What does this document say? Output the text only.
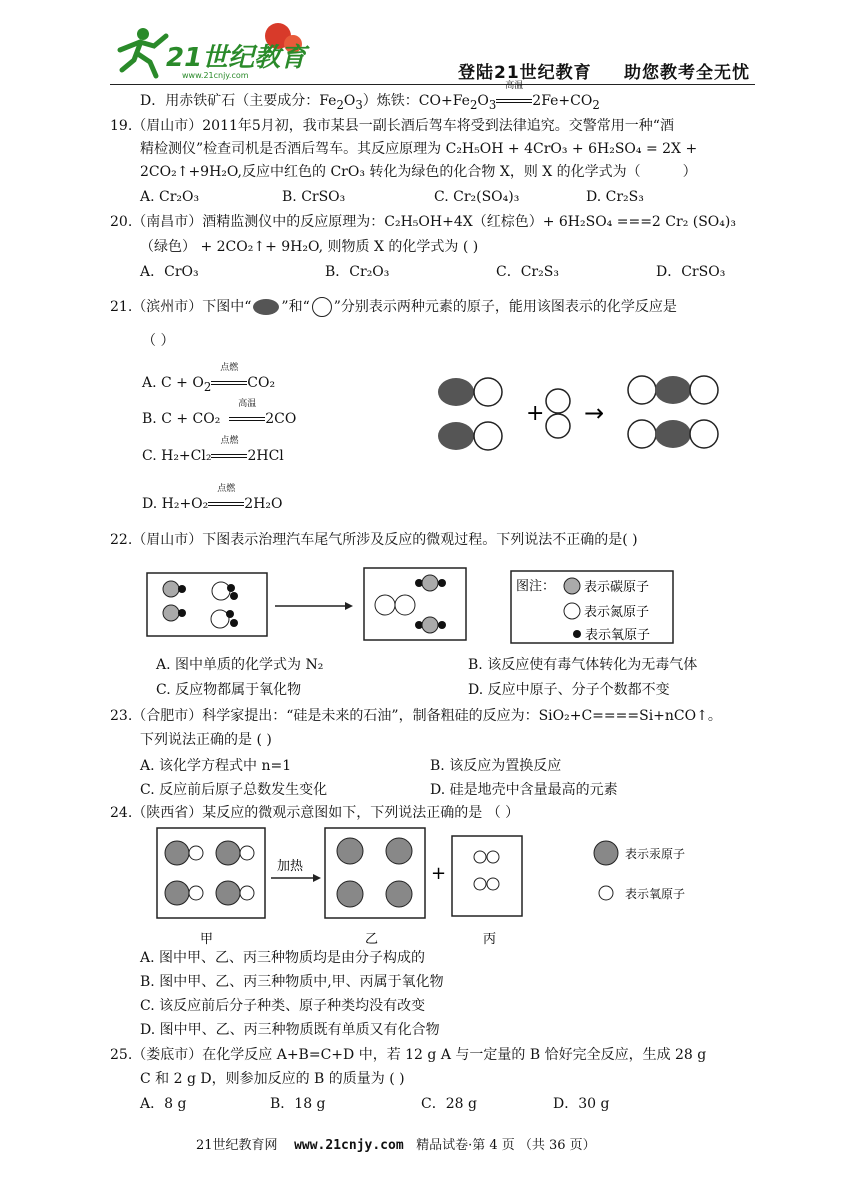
21世纪教育
www.21cnjy.com	登陆21世纪教育 助您教考全无忧
D．用赤铁矿石（主要成分：$Fe_2O_3$）炼铁：$CO+Fe_2O_3$
高温
$2Fe+CO_2$
19.（眉山市）2011年5月初，我市某县一副长酒后驾车将受到法律追究。交警常用一种“酒
精检测仪”检查司机是否酒后驾车。其反应原理为 C₂H₅OH + 4CrO₃ + 6H₂SO₄ = 2X +
2CO₂↑+9H₂O,反应中红色的 CrO₃ 转化为绿色的化合物 X，则 X 的化学式为（　　　）
A. Cr₂O₃	B. CrSO₃	C. Cr₂(SO₄)₃	D. Cr₂S₃
20.（南昌市）酒精监测仪中的反应原理为：C₂H₅OH+4X（红棕色）+ 6H₂SO₄ ===2 Cr₂ (SO₄)₃
（绿色） + 2CO₂↑+ 9H₂O, 则物质 X 的化学式为 ( )
A．CrO₃	B．Cr₂O₃	C．Cr₂S₃	D．CrSO₃
21.（滨州市）下图中“ ”和“ ”分别表示两种元素的原子，能用该图表示的化学反应是
（ ）
A. $C + O_2$
点燃
CO₂
B. C + CO₂
高温
2CO
C. H₂+Cl₂
点燃
2HCl
D. H₂+O₂
点燃
2H₂O
+ →
22.（眉山市）下图表示治理汽车尾气所涉及反应的微观过程。下列说法不正确的是( )
图注： 表示碳原子
表示氮原子
表示氧原子
A. 图中单质的化学式为 N₂	B. 该反应使有毒气体转化为无毒气体
C. 反应物都属于氧化物	D. 反应中原子、分子个数都不变
23.（合肥市）科学家提出：“硅是未来的石油”，制备粗硅的反应为：SiO₂+C====Si+nCO↑。
下列说法正确的是 ( )
A. 该化学方程式中 n=1	B. 该反应为置换反应
C. 反应前后原子总数发生变化	D. 硅是地壳中含量最高的元素
24.（陕西省）某反应的微观示意图如下，下列说法正确的是 （ ）
加热	+
甲	乙	丙
表示汞原子
表示氧原子
A. 图中甲、乙、丙三种物质均是由分子构成的
B. 图中甲、乙、丙三种物质中,甲、丙属于氧化物
C. 该反应前后分子种类、原子种类均没有改变
D. 图中甲、乙、丙三种物质既有单质又有化合物
25.（娄底市）在化学反应 A+B=C+D 中，若 12 g A 与一定量的 B 恰好完全反应，生成 28 g
C 和 2 g D，则参加反应的 B 的质量为 ( )
A．8 g	B．18 g	C．28 g	D．30 g
21世纪教育网 www.21cnjy.com 精品试卷·第 4 页 （共 36 页）
